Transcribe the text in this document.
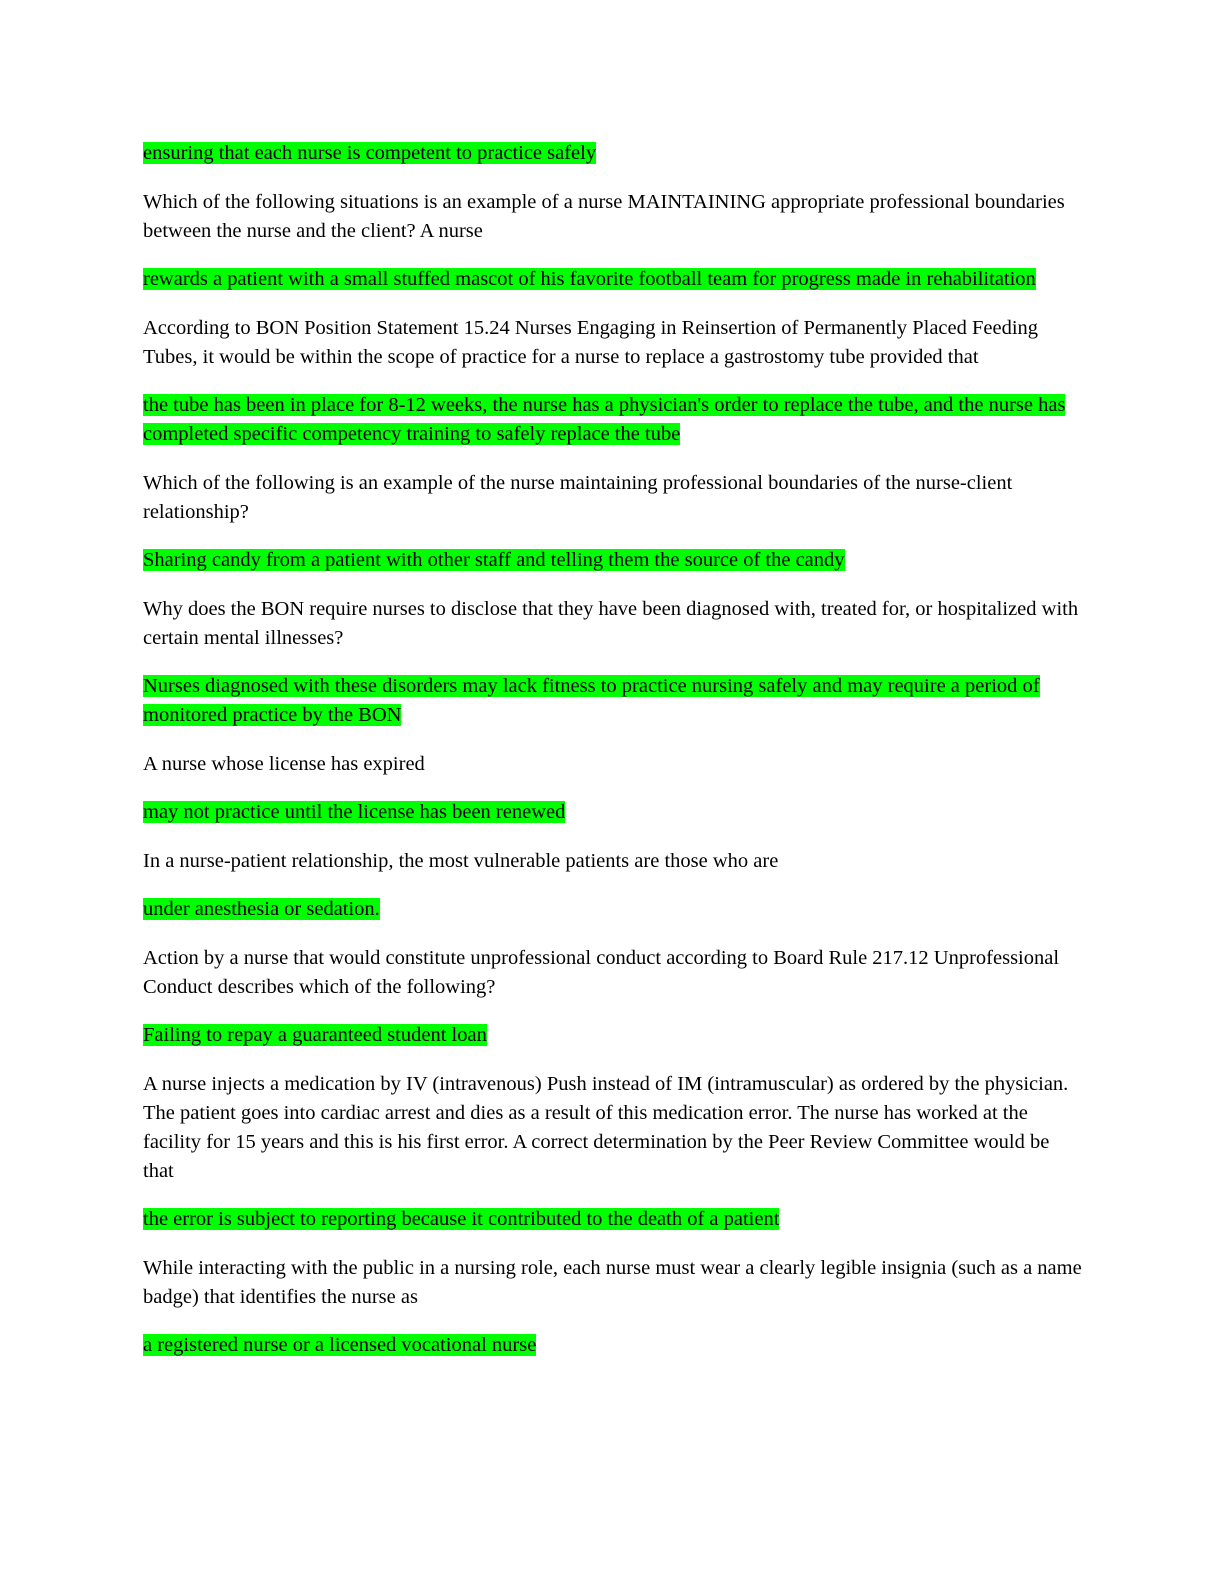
ensuring that each nurse is competent to practice safely

Which of the following situations is an example of a nurse MAINTAINING appropriate professional boundaries between the nurse and the client? A nurse

rewards a patient with a small stuffed mascot of his favorite football team for progress made in rehabilitation

According to BON Position Statement 15.24 Nurses Engaging in Reinsertion of Permanently Placed Feeding Tubes, it would be within the scope of practice for a nurse to replace a gastrostomy tube provided that

the tube has been in place for 8-12 weeks, the nurse has a physician's order to replace the tube, and the nurse has completed specific competency training to safely replace the tube

Which of the following is an example of the nurse maintaining professional boundaries of the nurse-client relationship?

Sharing candy from a patient with other staff and telling them the source of the candy

Why does the BON require nurses to disclose that they have been diagnosed with, treated for, or hospitalized with certain mental illnesses?

Nurses diagnosed with these disorders may lack fitness to practice nursing safely and may require a period of monitored practice by the BON

A nurse whose license has expired

may not practice until the license has been renewed

In a nurse-patient relationship, the most vulnerable patients are those who are

under anesthesia or sedation.

Action by a nurse that would constitute unprofessional conduct according to Board Rule 217.12 Unprofessional Conduct describes which of the following?

Failing to repay a guaranteed student loan

A nurse injects a medication by IV (intravenous) Push instead of IM (intramuscular) as ordered by the physician. The patient goes into cardiac arrest and dies as a result of this medication error. The nurse has worked at the facility for 15 years and this is his first error. A correct determination by the Peer Review Committee would be that

the error is subject to reporting because it contributed to the death of a patient

While interacting with the public in a nursing role, each nurse must wear a clearly legible insignia (such as a name badge) that identifies the nurse as

a registered nurse or a licensed vocational nurse
